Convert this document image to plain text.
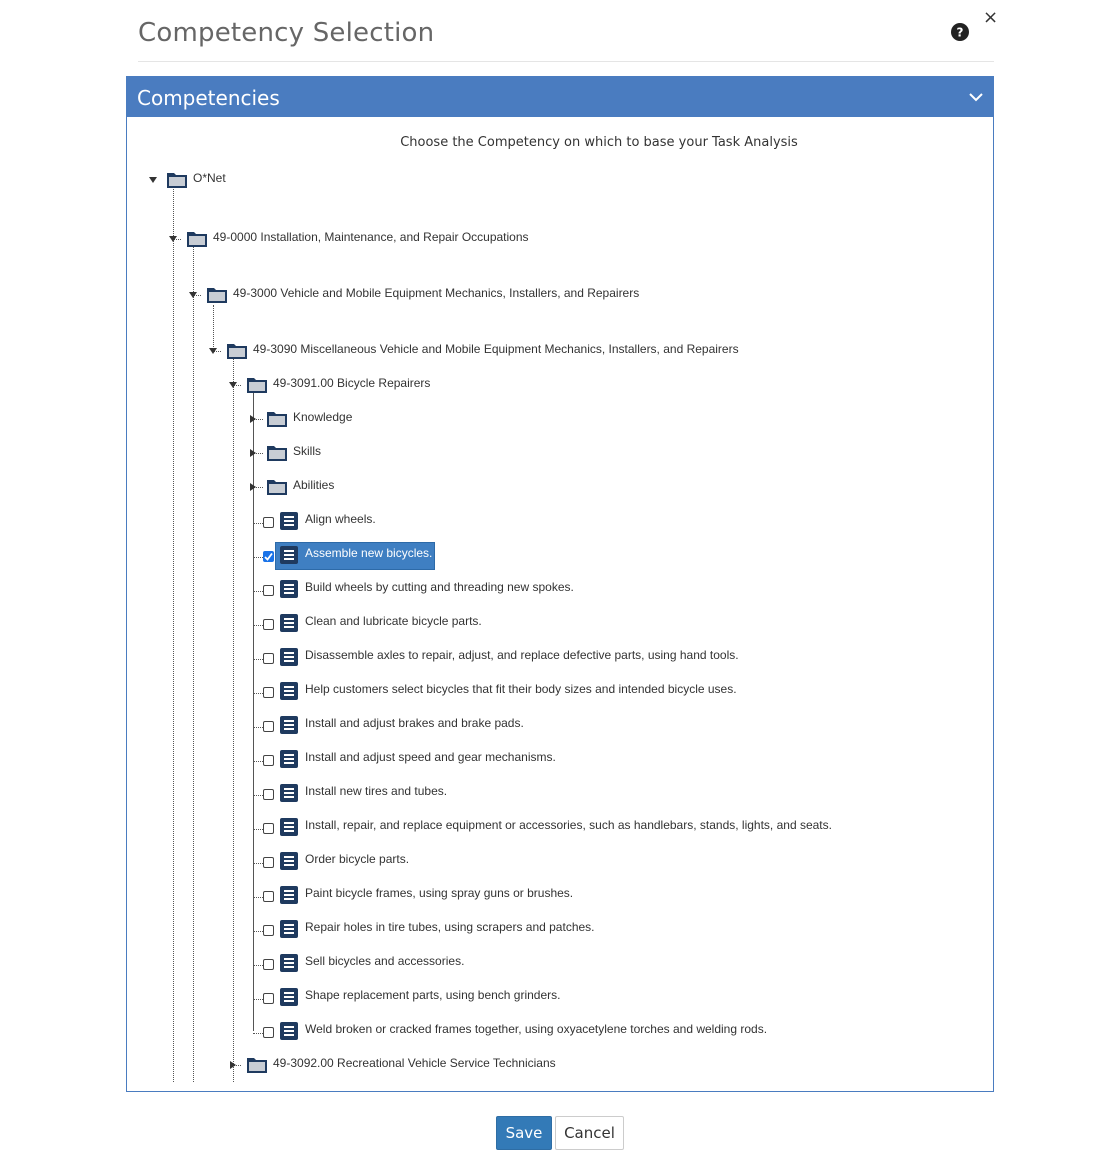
Competency Selection	?
×
Competencies
Choose the Competency on which to base your Task Analysis
O*Net
49-0000 Installation, Maintenance, and Repair Occupations
49-3000 Vehicle and Mobile Equipment Mechanics, Installers, and Repairers
49-3090 Miscellaneous Vehicle and Mobile Equipment Mechanics, Installers, and Repairers
49-3091.00 Bicycle Repairers
Knowledge
Skills
Abilities
Align wheels.
Assemble new bicycles.
Build wheels by cutting and threading new spokes.
Clean and lubricate bicycle parts.
Disassemble axles to repair, adjust, and replace defective parts, using hand tools.
Help customers select bicycles that fit their body sizes and intended bicycle uses.
Install and adjust brakes and brake pads.
Install and adjust speed and gear mechanisms.
Install new tires and tubes.
Install, repair, and replace equipment or accessories, such as handlebars, stands, lights, and seats.
Order bicycle parts.
Paint bicycle frames, using spray guns or brushes.
Repair holes in tire tubes, using scrapers and patches.
Sell bicycles and accessories.
Shape replacement parts, using bench grinders.
Weld broken or cracked frames together, using oxyacetylene torches and welding rods.
49-3092.00 Recreational Vehicle Service Technicians
Save	Cancel
